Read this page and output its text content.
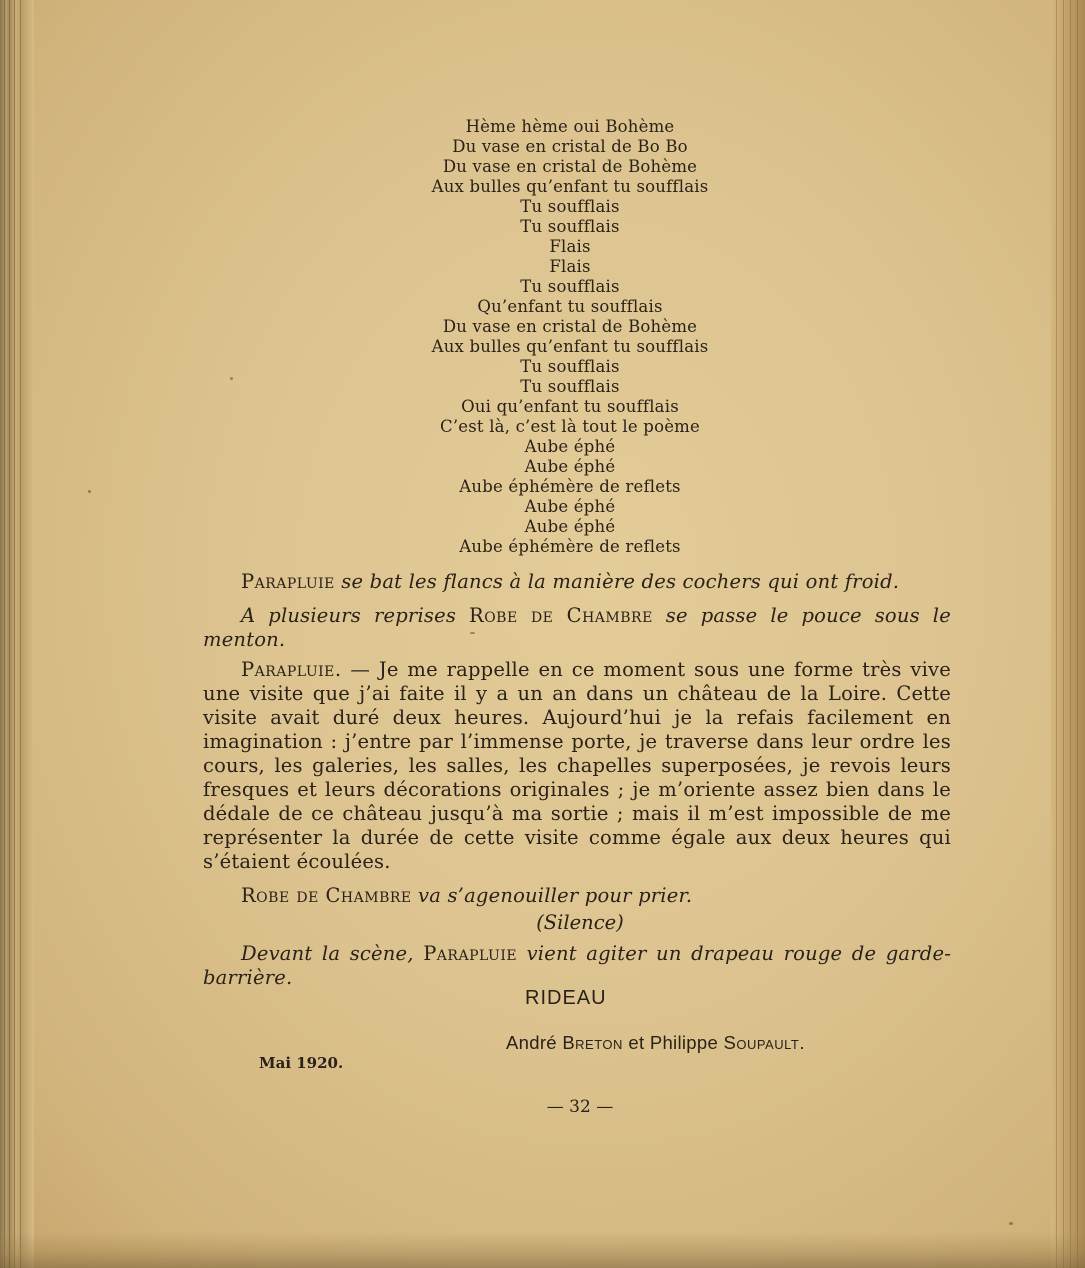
Hème hème oui Bohème
Du vase en cristal de Bo Bo
Du vase en cristal de Bohème
Aux bulles qu’enfant tu soufflais
Tu soufflais
Tu soufflais
Flais
Flais
Tu soufflais
Qu’enfant tu soufflais
Du vase en cristal de Bohème
Aux bulles qu’enfant tu soufflais
Tu soufflais
Tu soufflais
Oui qu’enfant tu soufflais
C’est là, c’est là tout le poème
Aube éphé
Aube éphé
Aube éphémère de reflets
Aube éphé
Aube éphé
Aube éphémère de reflets
Parapluie se bat les flancs à la manière des cochers qui ont froid.
A plusieurs reprises Robe de Chambre se passe le pouce sous le menton.
Parapluie. — Je me rappelle en ce moment sous une forme très vive une visite que j’ai faite il y a un an dans un château de la Loire. Cette visite avait duré deux heures. Aujourd’hui je la refais facilement en imagination : j’entre par l’immense porte, je traverse dans leur ordre les cours, les galeries, les salles, les chapelles superposées, je revois leurs fresques et leurs décorations originales ; je m’oriente assez bien dans le dédale de ce château jusqu’à ma sortie ; mais il m’est impossible de me représenter la durée de cette visite comme égale aux deux heures qui s’étaient écoulées.
Robe de Chambre va s’agenouiller pour prier.
(Silence)
Devant la scène, Parapluie vient agiter un drapeau rouge de garde-barrière.
RIDEAU
André Breton et Philippe Soupault.
Mai 1920.
— 32 —
